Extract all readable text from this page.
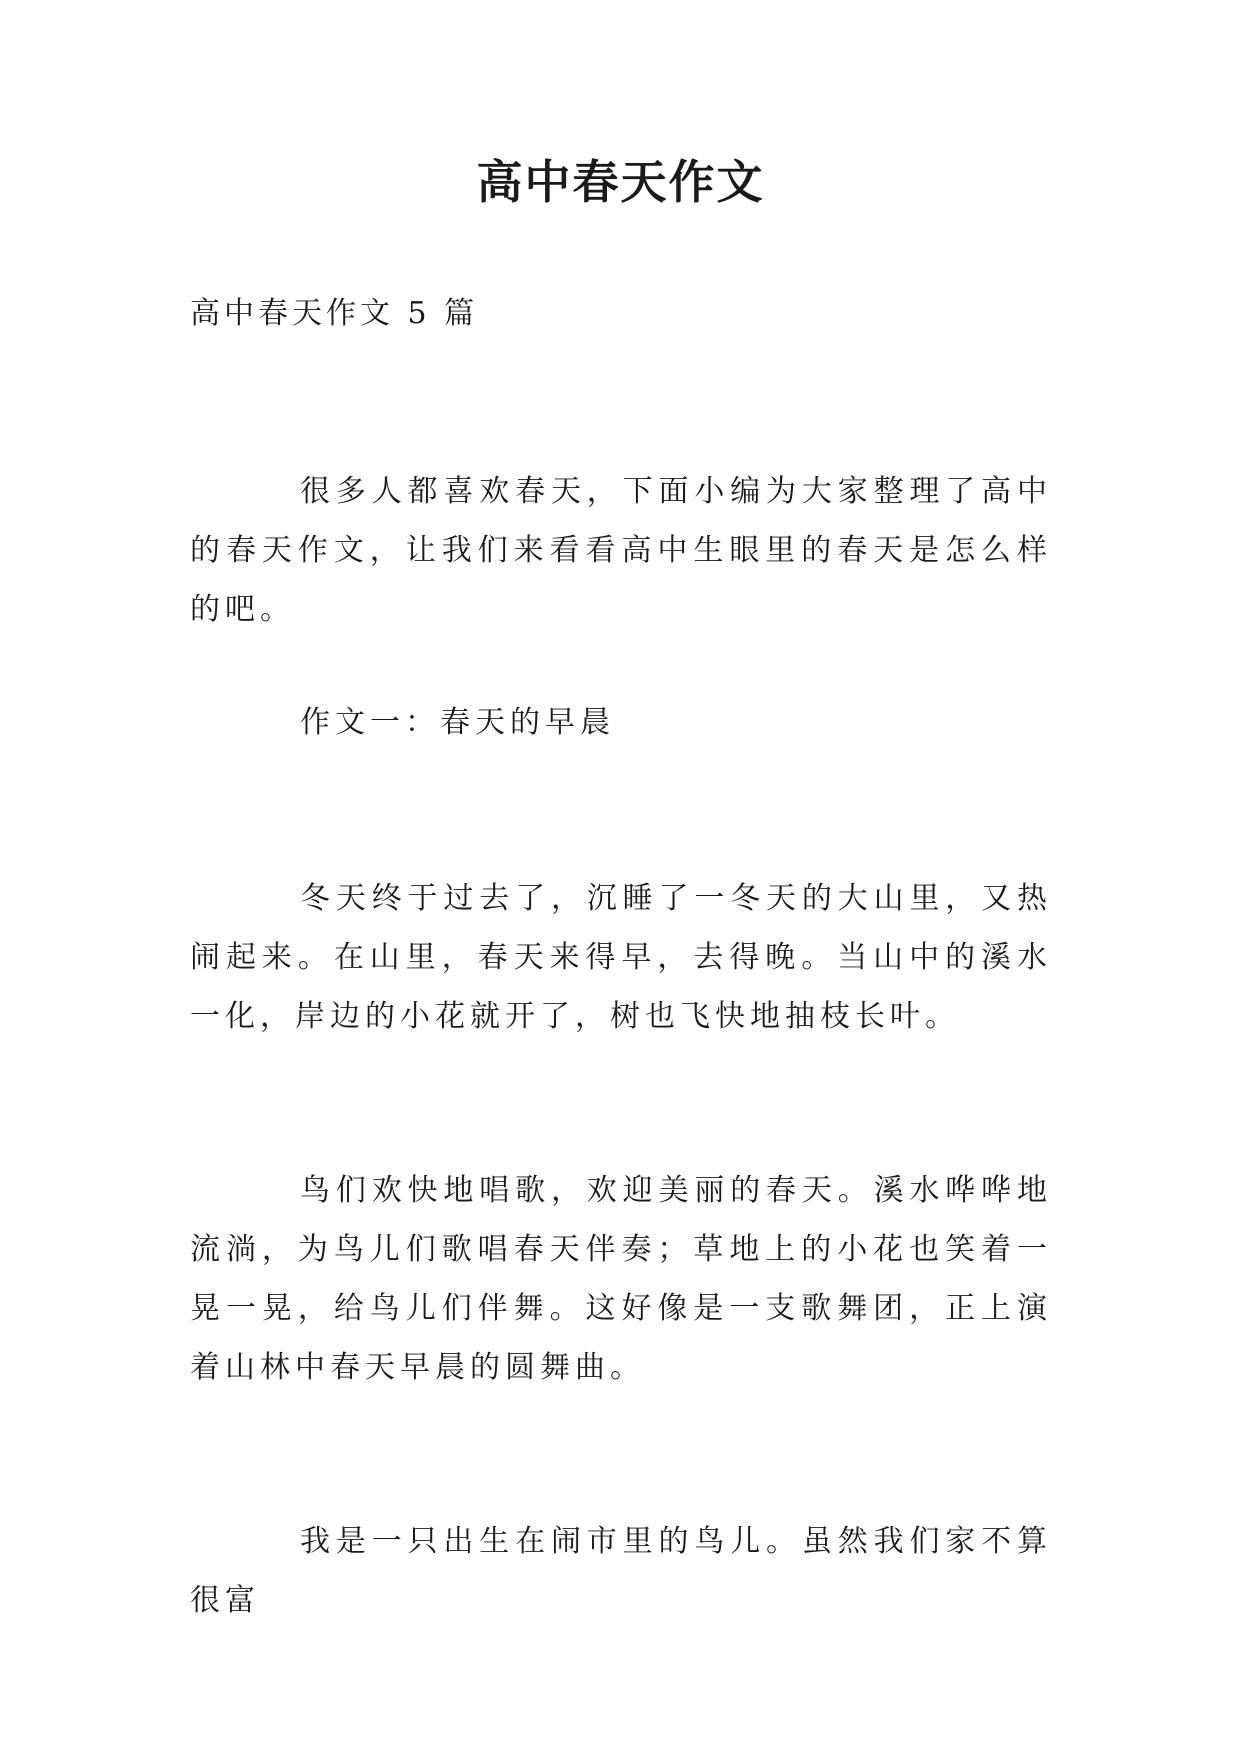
高中春天作文

高中春天作文 5 篇

很多人都喜欢春天，下面小编为大家整理了高中的春天作文，让我们来看看高中生眼里的春天是怎么样的吧。

作文一：春天的早晨

冬天终于过去了，沉睡了一冬天的大山里，又热闹起来。在山里，春天来得早，去得晚。当山中的溪水一化，岸边的小花就开了，树也飞快地抽枝长叶。

鸟们欢快地唱歌，欢迎美丽的春天。溪水哗哗地流淌，为鸟儿们歌唱春天伴奏；草地上的小花也笑着一晃一晃，给鸟儿们伴舞。这好像是一支歌舞团，正上演着山林中春天早晨的圆舞曲。

我是一只出生在闹市里的鸟儿。虽然我们家不算很富
